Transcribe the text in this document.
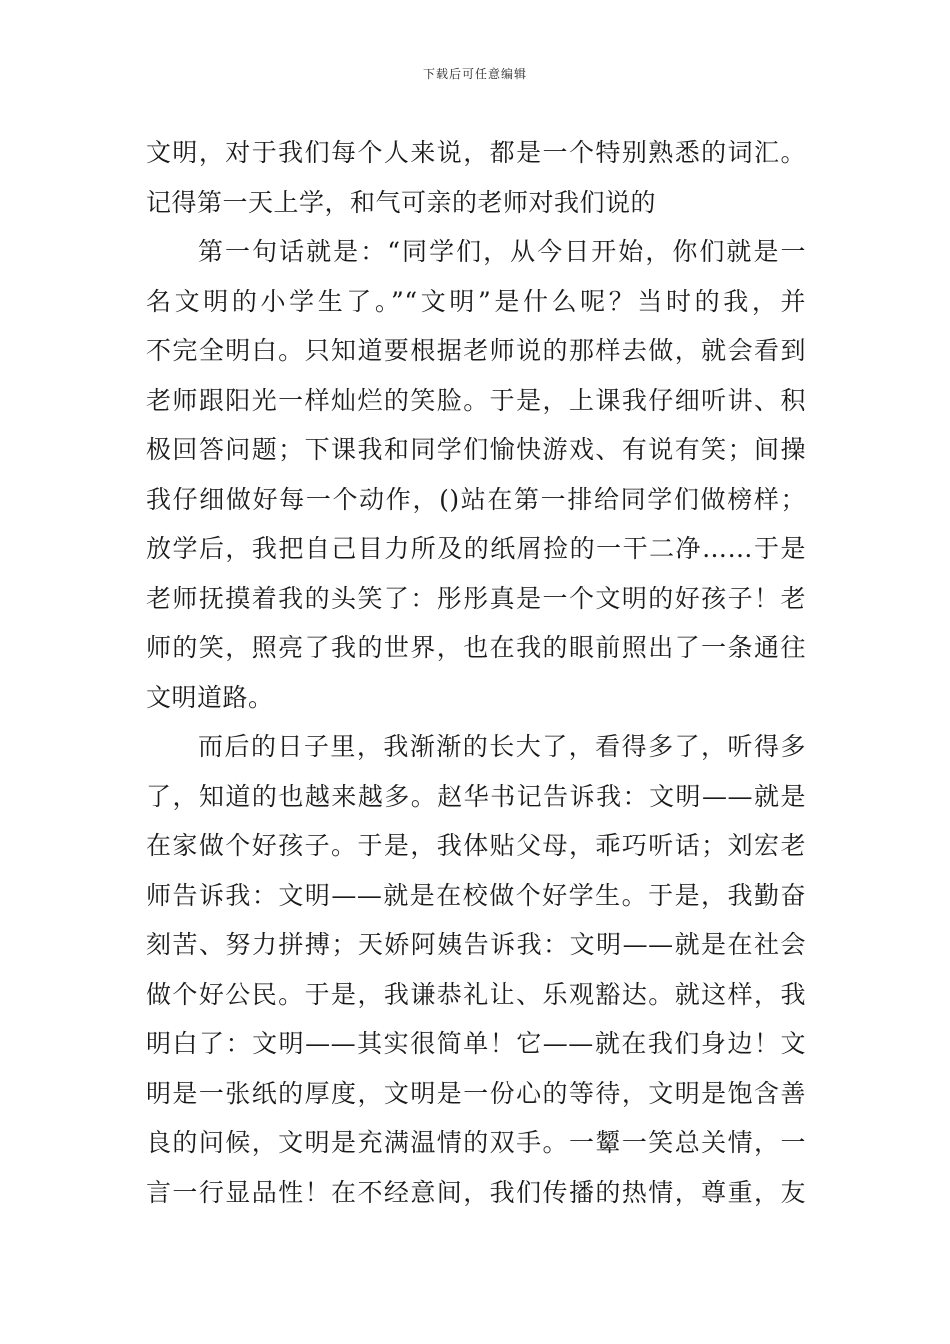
下载后可任意编辑
文明，对于我们每个人来说，都是一个特别熟悉的词汇。
记得第一天上学，和气可亲的老师对我们说的
第一句话就是：“同学们，从今日开始，你们就是一
名文明的小学生了。”“文明”是什么呢？当时的我，并
不完全明白。只知道要根据老师说的那样去做，就会看到
老师跟阳光一样灿烂的笑脸。于是，上课我仔细听讲、积
极回答问题；下课我和同学们愉快游戏、有说有笑；间操
我仔细做好每一个动作，()站在第一排给同学们做榜样；
放学后，我把自己目力所及的纸屑捡的一干二净……于是
老师抚摸着我的头笑了：彤彤真是一个文明的好孩子！老
师的笑，照亮了我的世界，也在我的眼前照出了一条通往
文明道路。
而后的日子里，我渐渐的长大了，看得多了，听得多
了，知道的也越来越多。赵华书记告诉我：文明——就是
在家做个好孩子。于是，我体贴父母，乖巧听话；刘宏老
师告诉我：文明——就是在校做个好学生。于是，我勤奋
刻苦、努力拼搏；天娇阿姨告诉我：文明——就是在社会
做个好公民。于是，我谦恭礼让、乐观豁达。就这样，我
明白了：文明——其实很简单！它——就在我们身边！文
明是一张纸的厚度，文明是一份心的等待，文明是饱含善
良的问候，文明是充满温情的双手。一颦一笑总关情，一
言一行显品性！在不经意间，我们传播的热情，尊重，友
